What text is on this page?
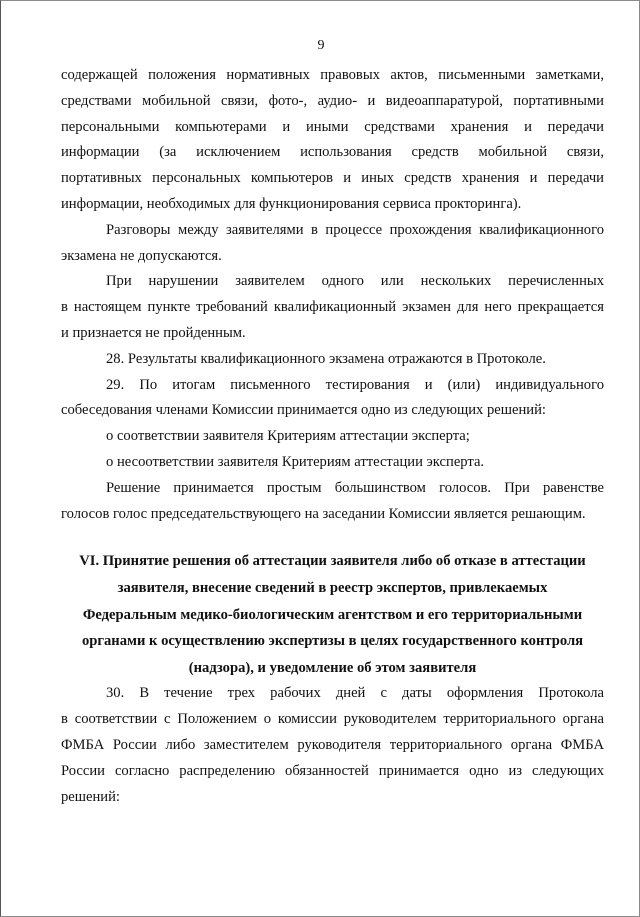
9
содержащей положения нормативных правовых актов, письменными заметками,
средствами мобильной связи, фото-, аудио- и видеоаппаратурой, портативными
персональными компьютерами и иными средствами хранения и передачи
информации (за исключением использования средств мобильной связи,
портативных персональных компьютеров и иных средств хранения и передачи
информации, необходимых для функционирования сервиса прокторинга).
Разговоры между заявителями в процессе прохождения квалификационного
экзамена не допускаются.
При нарушении заявителем одного или нескольких перечисленных
в настоящем пункте требований квалификационный экзамен для него прекращается
и признается не пройденным.
28. Результаты квалификационного экзамена отражаются в Протоколе.
29. По итогам письменного тестирования и (или) индивидуального
собеседования членами Комиссии принимается одно из следующих решений:
о соответствии заявителя Критериям аттестации эксперта;
о несоответствии заявителя Критериям аттестации эксперта.
Решение принимается простым большинством голосов. При равенстве
голосов голос председательствующего на заседании Комиссии является решающим.
VI. Принятие решения об аттестации заявителя либо об отказе в аттестации
заявителя, внесение сведений в реестр экспертов, привлекаемых
Федеральным медико-биологическим агентством и его территориальными
органами к осуществлению экспертизы в целях государственного контроля
(надзора), и уведомление об этом заявителя
30. В течение трех рабочих дней с даты оформления Протокола
в соответствии с Положением о комиссии руководителем территориального органа
ФМБА России либо заместителем руководителя территориального органа ФМБА
России согласно распределению обязанностей принимается одно из следующих
решений:
